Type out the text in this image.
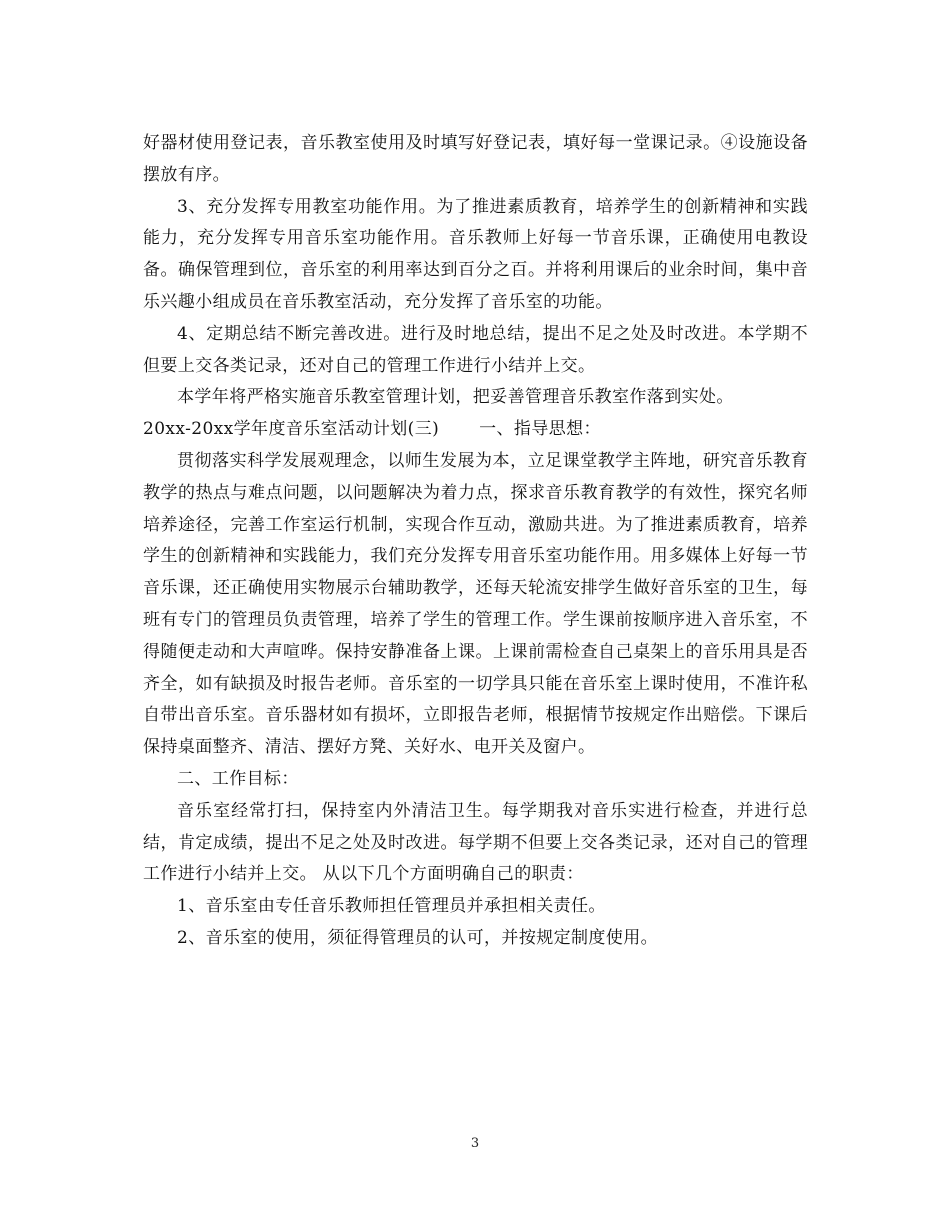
好器材使用登记表，音乐教室使用及时填写好登记表，填好每一堂课记录。④设施设备摆放有序。

3、充分发挥专用教室功能作用。为了推进素质教育，培养学生的创新精神和实践能力，充分发挥专用音乐室功能作用。音乐教师上好每一节音乐课，正确使用电教设备。确保管理到位，音乐室的利用率达到百分之百。并将利用课后的业余时间，集中音乐兴趣小组成员在音乐教室活动，充分发挥了音乐室的功能。

4、定期总结不断完善改进。进行及时地总结，提出不足之处及时改进。本学期不但要上交各类记录，还对自己的管理工作进行小结并上交。

本学年将严格实施音乐教室管理计划，把妥善管理音乐教室作落到实处。

20xx-20xx学年度音乐室活动计划(三) 一、指导思想：

贯彻落实科学发展观理念，以师生发展为本，立足课堂教学主阵地，研究音乐教育教学的热点与难点问题，以问题解决为着力点，探求音乐教育教学的有效性，探究名师培养途径，完善工作室运行机制，实现合作互动，激励共进。为了推进素质教育，培养学生的创新精神和实践能力，我们充分发挥专用音乐室功能作用。用多媒体上好每一节音乐课，还正确使用实物展示台辅助教学，还每天轮流安排学生做好音乐室的卫生，每班有专门的管理员负责管理，培养了学生的管理工作。学生课前按顺序进入音乐室，不得随便走动和大声喧哗。保持安静准备上课。上课前需检查自己桌架上的音乐用具是否齐全，如有缺损及时报告老师。音乐室的一切学具只能在音乐室上课时使用，不准许私自带出音乐室。音乐器材如有损坏，立即报告老师，根据情节按规定作出赔偿。下课后保持桌面整齐、清洁、摆好方凳、关好水、电开关及窗户。

二、工作目标：

音乐室经常打扫，保持室内外清洁卫生。每学期我对音乐实进行检查，并进行总结，肯定成绩，提出不足之处及时改进。每学期不但要上交各类记录，还对自己的管理工作进行小结并上交。 从以下几个方面明确自己的职责：

1、音乐室由专任音乐教师担任管理员并承担相关责任。

2、音乐室的使用，须征得管理员的认可，并按规定制度使用。

3
